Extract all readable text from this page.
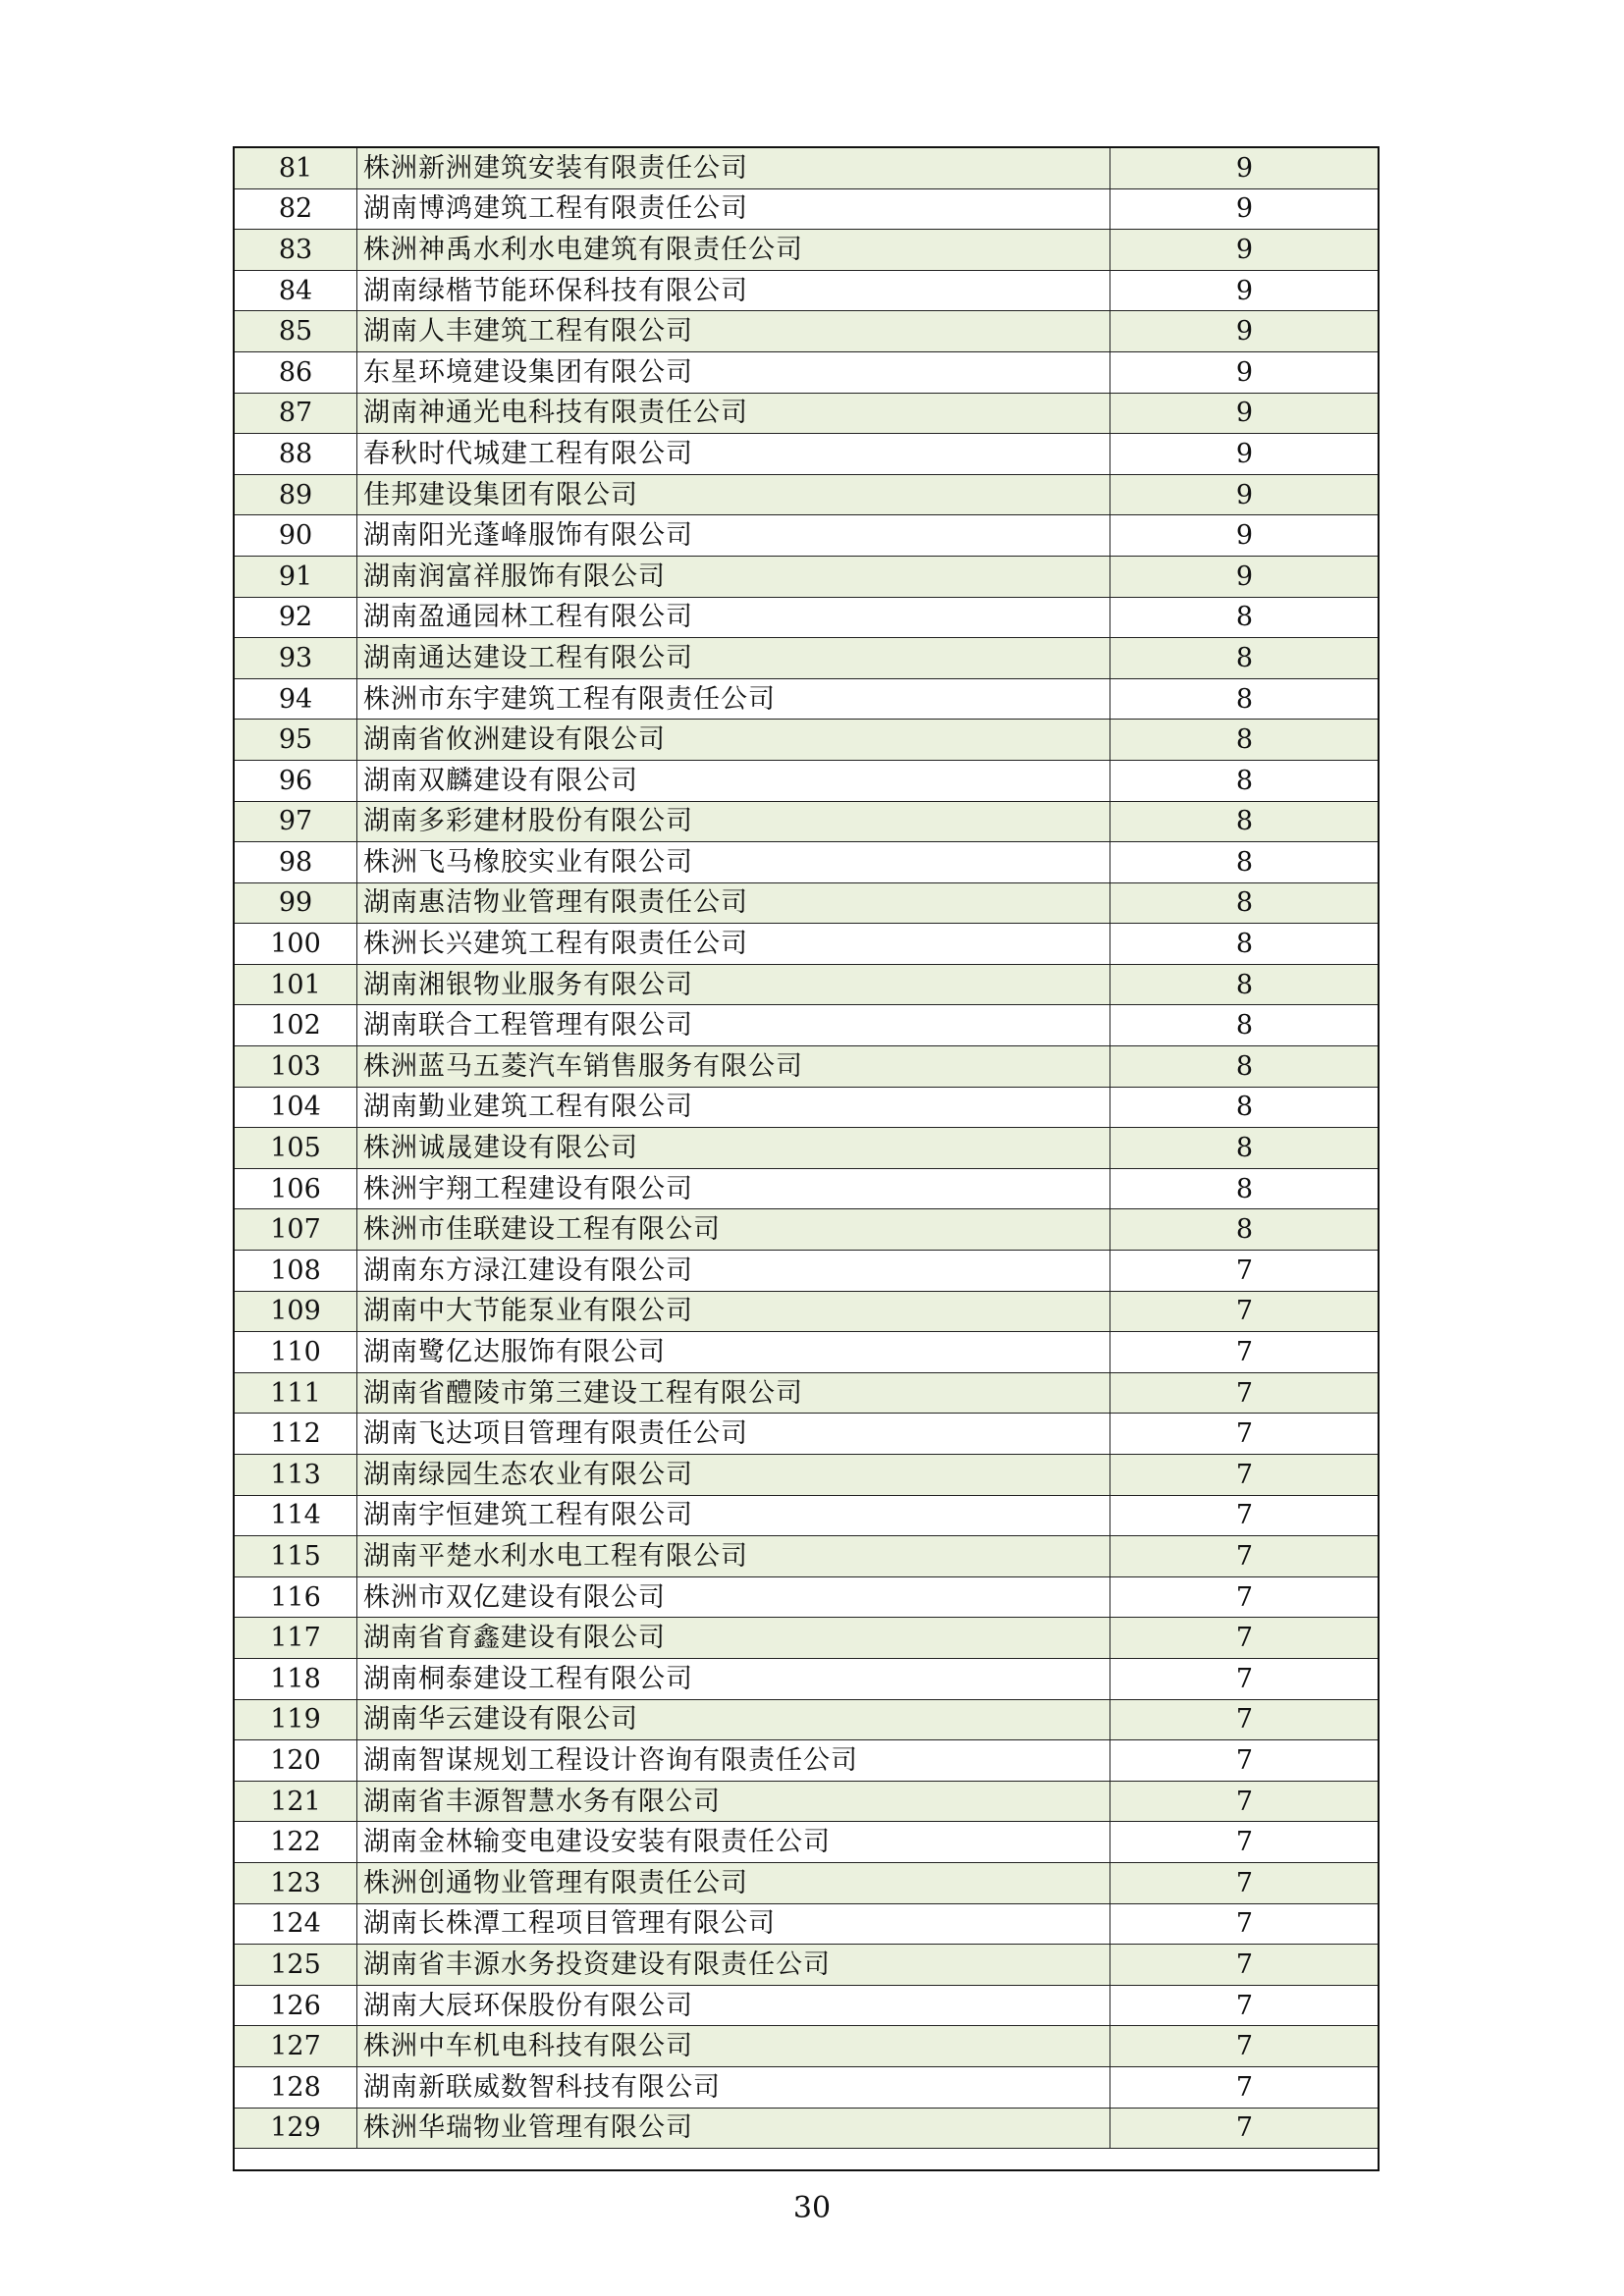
81	株洲新洲建筑安装有限责任公司	9
82	湖南博鸿建筑工程有限责任公司	9
83	株洲神禹水利水电建筑有限责任公司	9
84	湖南绿楷节能环保科技有限公司	9
85	湖南人丰建筑工程有限公司	9
86	东星环境建设集团有限公司	9
87	湖南神通光电科技有限责任公司	9
88	春秋时代城建工程有限公司	9
89	佳邦建设集团有限公司	9
90	湖南阳光蓬峰服饰有限公司	9
91	湖南润富祥服饰有限公司	9
92	湖南盈通园林工程有限公司	8
93	湖南通达建设工程有限公司	8
94	株洲市东宇建筑工程有限责任公司	8
95	湖南省攸洲建设有限公司	8
96	湖南双麟建设有限公司	8
97	湖南多彩建材股份有限公司	8
98	株洲飞马橡胶实业有限公司	8
99	湖南惠洁物业管理有限责任公司	8
100	株洲长兴建筑工程有限责任公司	8
101	湖南湘银物业服务有限公司	8
102	湖南联合工程管理有限公司	8
103	株洲蓝马五菱汽车销售服务有限公司	8
104	湖南勤业建筑工程有限公司	8
105	株洲诚晟建设有限公司	8
106	株洲宇翔工程建设有限公司	8
107	株洲市佳联建设工程有限公司	8
108	湖南东方渌江建设有限公司	7
109	湖南中大节能泵业有限公司	7
110	湖南鹭亿达服饰有限公司	7
111	湖南省醴陵市第三建设工程有限公司	7
112	湖南飞达项目管理有限责任公司	7
113	湖南绿园生态农业有限公司	7
114	湖南宇恒建筑工程有限公司	7
115	湖南平楚水利水电工程有限公司	7
116	株洲市双亿建设有限公司	7
117	湖南省育鑫建设有限公司	7
118	湖南桐泰建设工程有限公司	7
119	湖南华云建设有限公司	7
120	湖南智谋规划工程设计咨询有限责任公司	7
121	湖南省丰源智慧水务有限公司	7
122	湖南金林输变电建设安装有限责任公司	7
123	株洲创通物业管理有限责任公司	7
124	湖南长株潭工程项目管理有限公司	7
125	湖南省丰源水务投资建设有限责任公司	7
126	湖南大辰环保股份有限公司	7
127	株洲中车机电科技有限公司	7
128	湖南新联威数智科技有限公司	7
129	株洲华瑞物业管理有限公司	7
30
